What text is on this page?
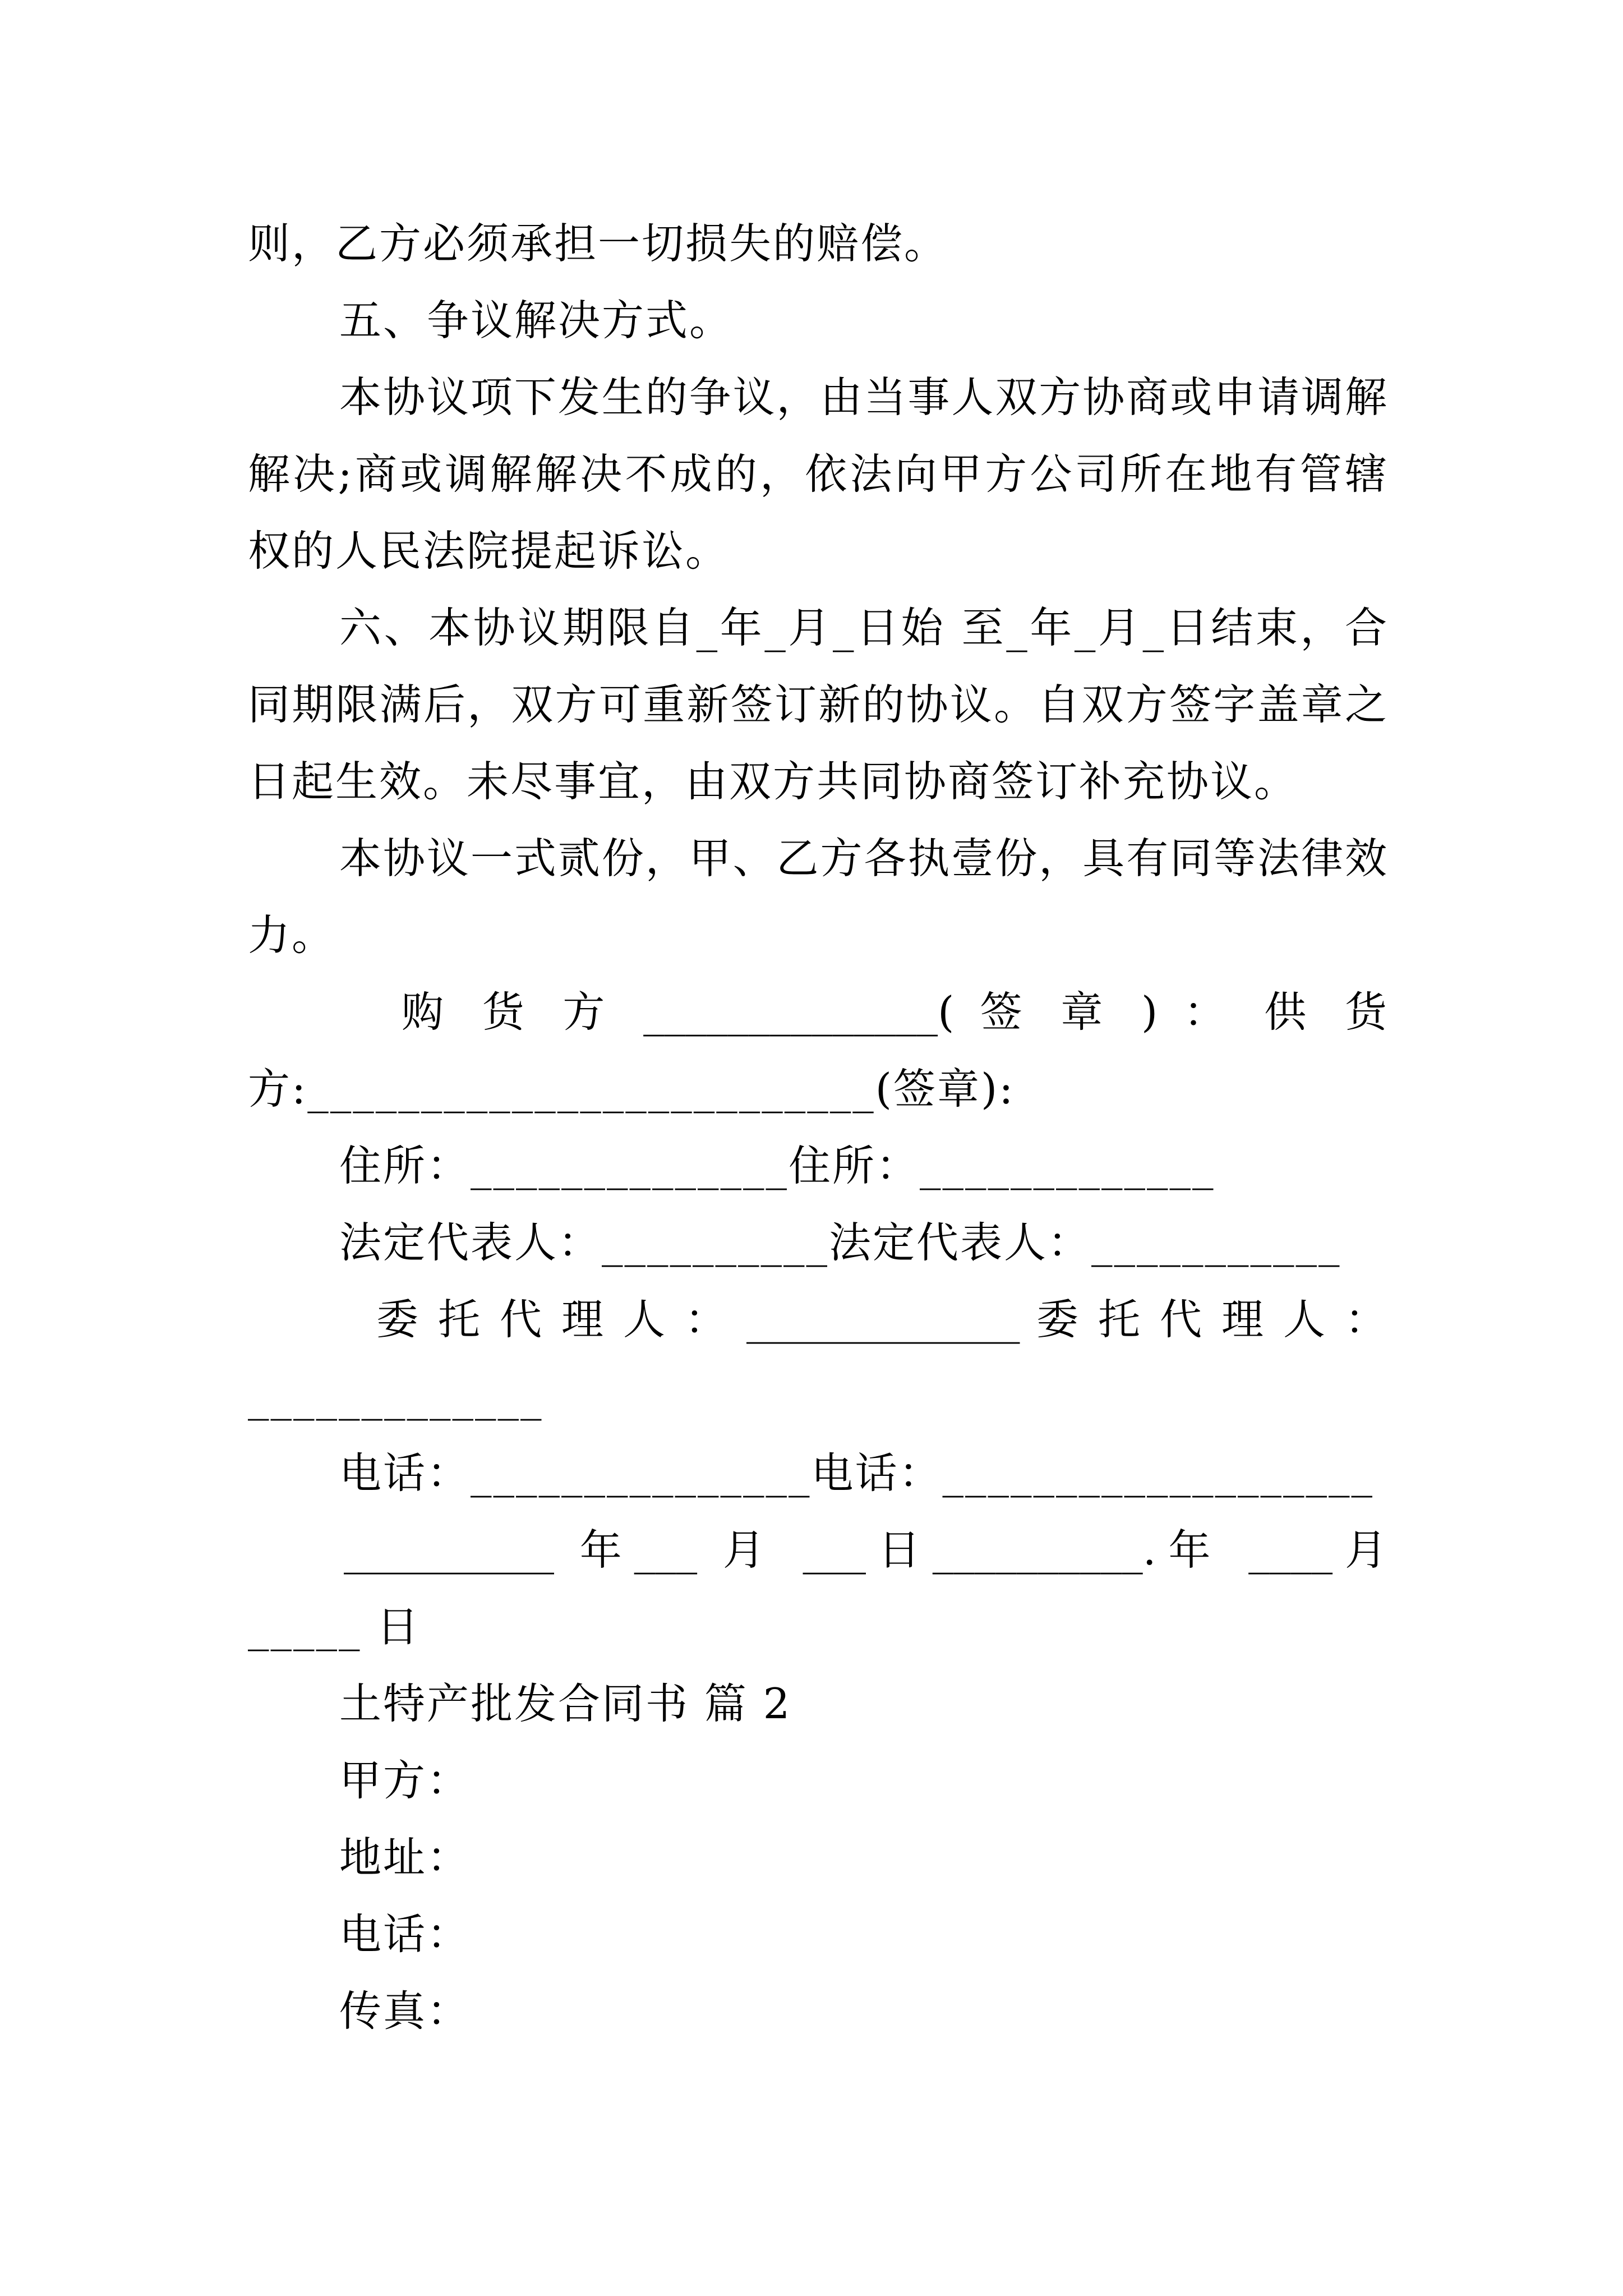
则，乙方必须承担一切损失的赔偿。
五、争议解决方式。
本协议项下发生的争议，由当事人双方协商或申请调解
解决;商或调解解决不成的，依法向甲方公司所在地有管辖
权的人民法院提起诉讼。
六、本协议期限自_年_月_日始 至_年_月_日结束，合
同期限满后，双方可重新签订新的协议。自双方签字盖章之
日起生效。未尽事宜，由双方共同协商签订补充协议。
本协议一式贰份，甲、乙方各执壹份，具有同等法律效
力。
购 货 方 ______________( 签 章 ) ： 供 货
方:_________________________(签章):
住所：______________住所：_____________
法定代表人：__________法定代表人：___________
委 托 代 理 人 ： _____________ 委 托 代 理 人 ：
_____________
电话：_______________电话：___________________
__________ 年___ 月 ___日__________.年 ____月
_____ 日
土特产批发合同书 篇 2
甲方：
地址：
电话：
传真：
